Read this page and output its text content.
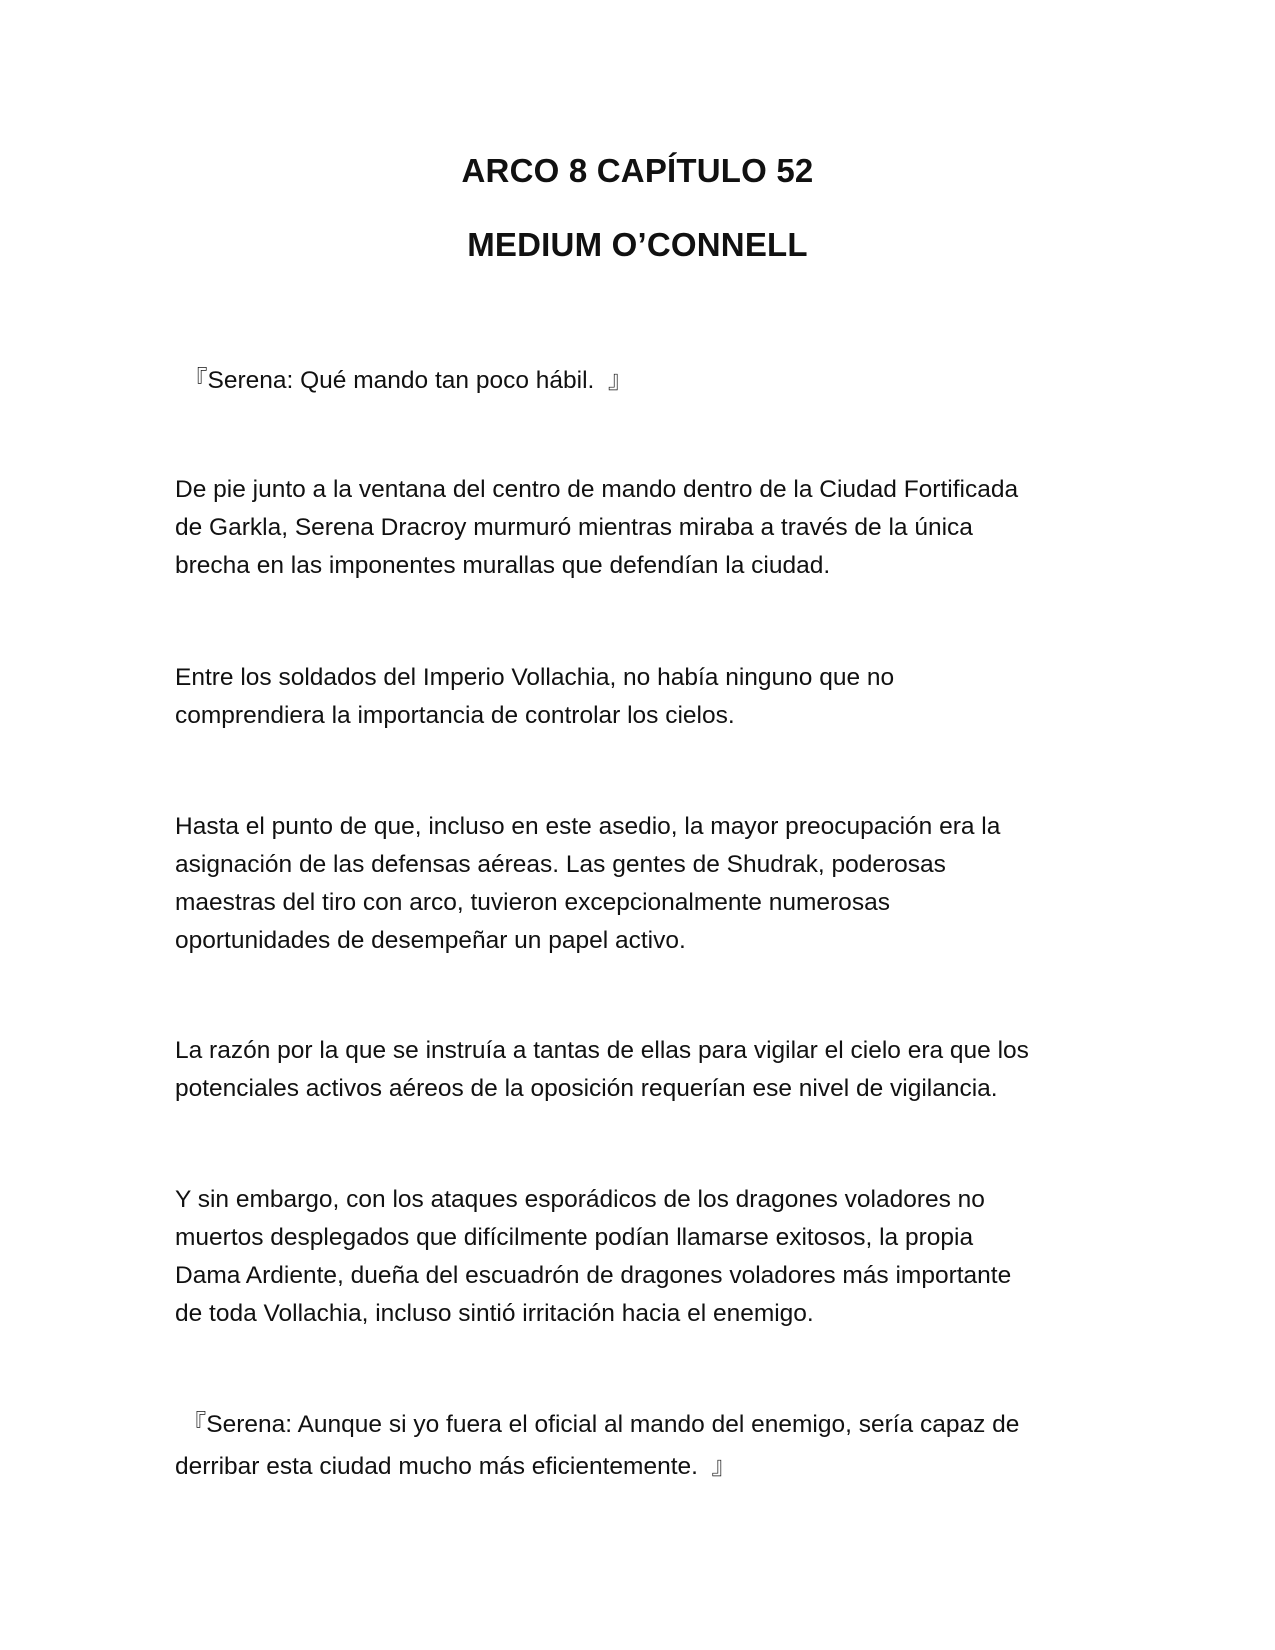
ARCO 8 CAPÍTULO 52
MEDIUM O’CONNELL

『Serena: Qué mando tan poco hábil.  』

De pie junto a la ventana del centro de mando dentro de la Ciudad Fortificada
de Garkla, Serena Dracroy murmuró mientras miraba a través de la única
brecha en las imponentes murallas que defendían la ciudad.

Entre los soldados del Imperio Vollachia, no había ninguno que no
comprendiera la importancia de controlar los cielos.

Hasta el punto de que, incluso en este asedio, la mayor preocupación era la
asignación de las defensas aéreas. Las gentes de Shudrak, poderosas
maestras del tiro con arco, tuvieron excepcionalmente numerosas
oportunidades de desempeñar un papel activo.

La razón por la que se instruía a tantas de ellas para vigilar el cielo era que los
potenciales activos aéreos de la oposición requerían ese nivel de vigilancia.

Y sin embargo, con los ataques esporádicos de los dragones voladores no
muertos desplegados que difícilmente podían llamarse exitosos, la propia
Dama Ardiente, dueña del escuadrón de dragones voladores más importante
de toda Vollachia, incluso sintió irritación hacia el enemigo.

『Serena: Aunque si yo fuera el oficial al mando del enemigo, sería capaz de
derribar esta ciudad mucho más eficientemente.  』
